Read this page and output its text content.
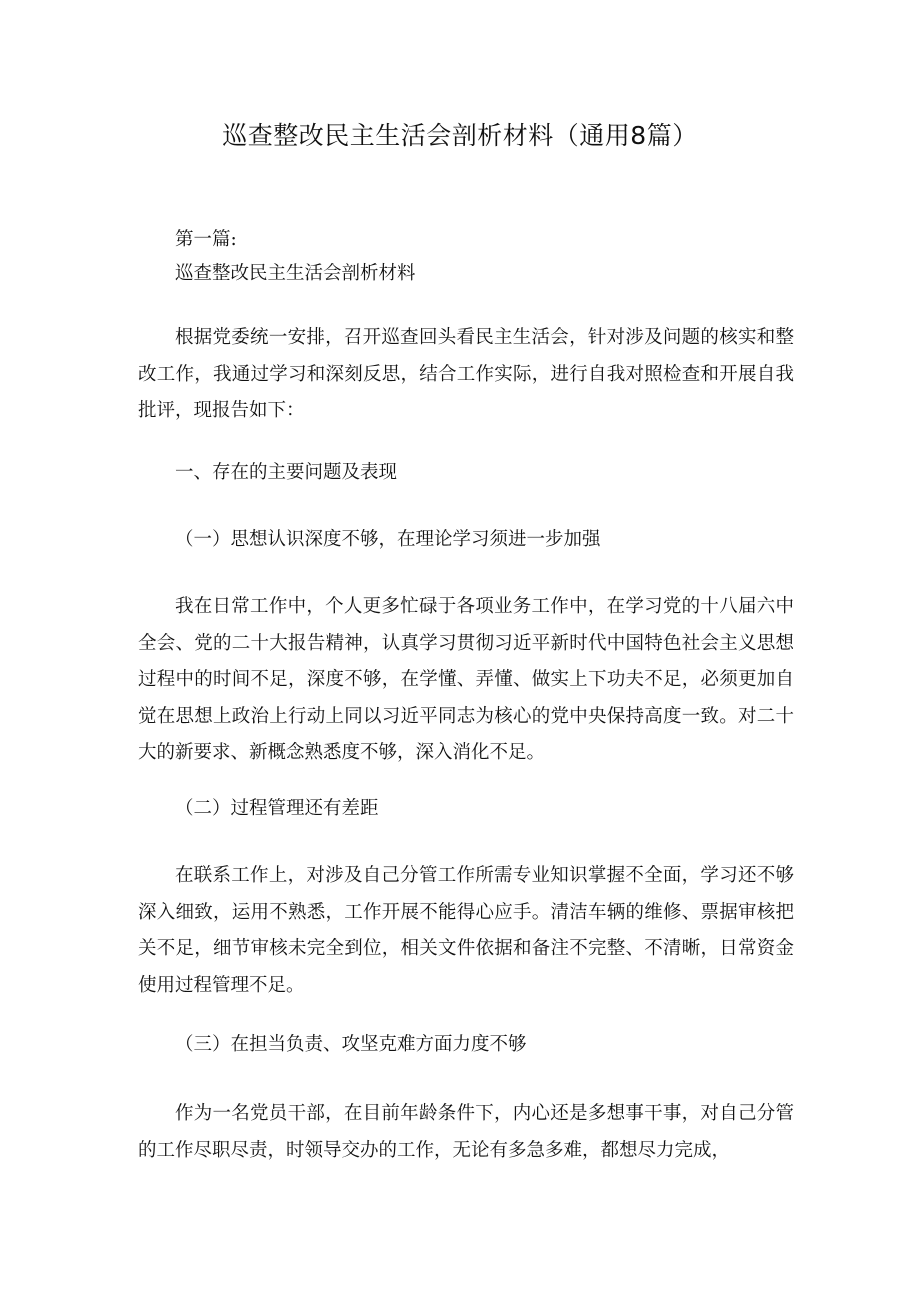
巡查整改民主生活会剖析材料（通用8篇）

第一篇:

巡查整改民主生活会剖析材料

根据党委统一安排，召开巡查回头看民主生活会，针对涉及问题的核实和整改工作，我通过学习和深刻反思，结合工作实际，进行自我对照检查和开展自我批评，现报告如下：

一、存在的主要问题及表现

（一）思想认识深度不够，在理论学习须进一步加强

我在日常工作中，个人更多忙碌于各项业务工作中，在学习党的十八届六中全会、党的二十大报告精神，认真学习贯彻习近平新时代中国特色社会主义思想过程中的时间不足，深度不够，在学懂、弄懂、做实上下功夫不足，必须更加自觉在思想上政治上行动上同以习近平同志为核心的党中央保持高度一致。对二十大的新要求、新概念熟悉度不够，深入消化不足。

（二）过程管理还有差距

在联系工作上，对涉及自己分管工作所需专业知识掌握不全面，学习还不够深入细致，运用不熟悉，工作开展不能得心应手。清洁车辆的维修、票据审核把关不足，细节审核未完全到位，相关文件依据和备注不完整、不清晰，日常资金使用过程管理不足。

（三）在担当负责、攻坚克难方面力度不够

作为一名党员干部，在目前年龄条件下，内心还是多想事干事，对自己分管的工作尽职尽责，时领导交办的工作，无论有多急多难，都想尽力完成，
